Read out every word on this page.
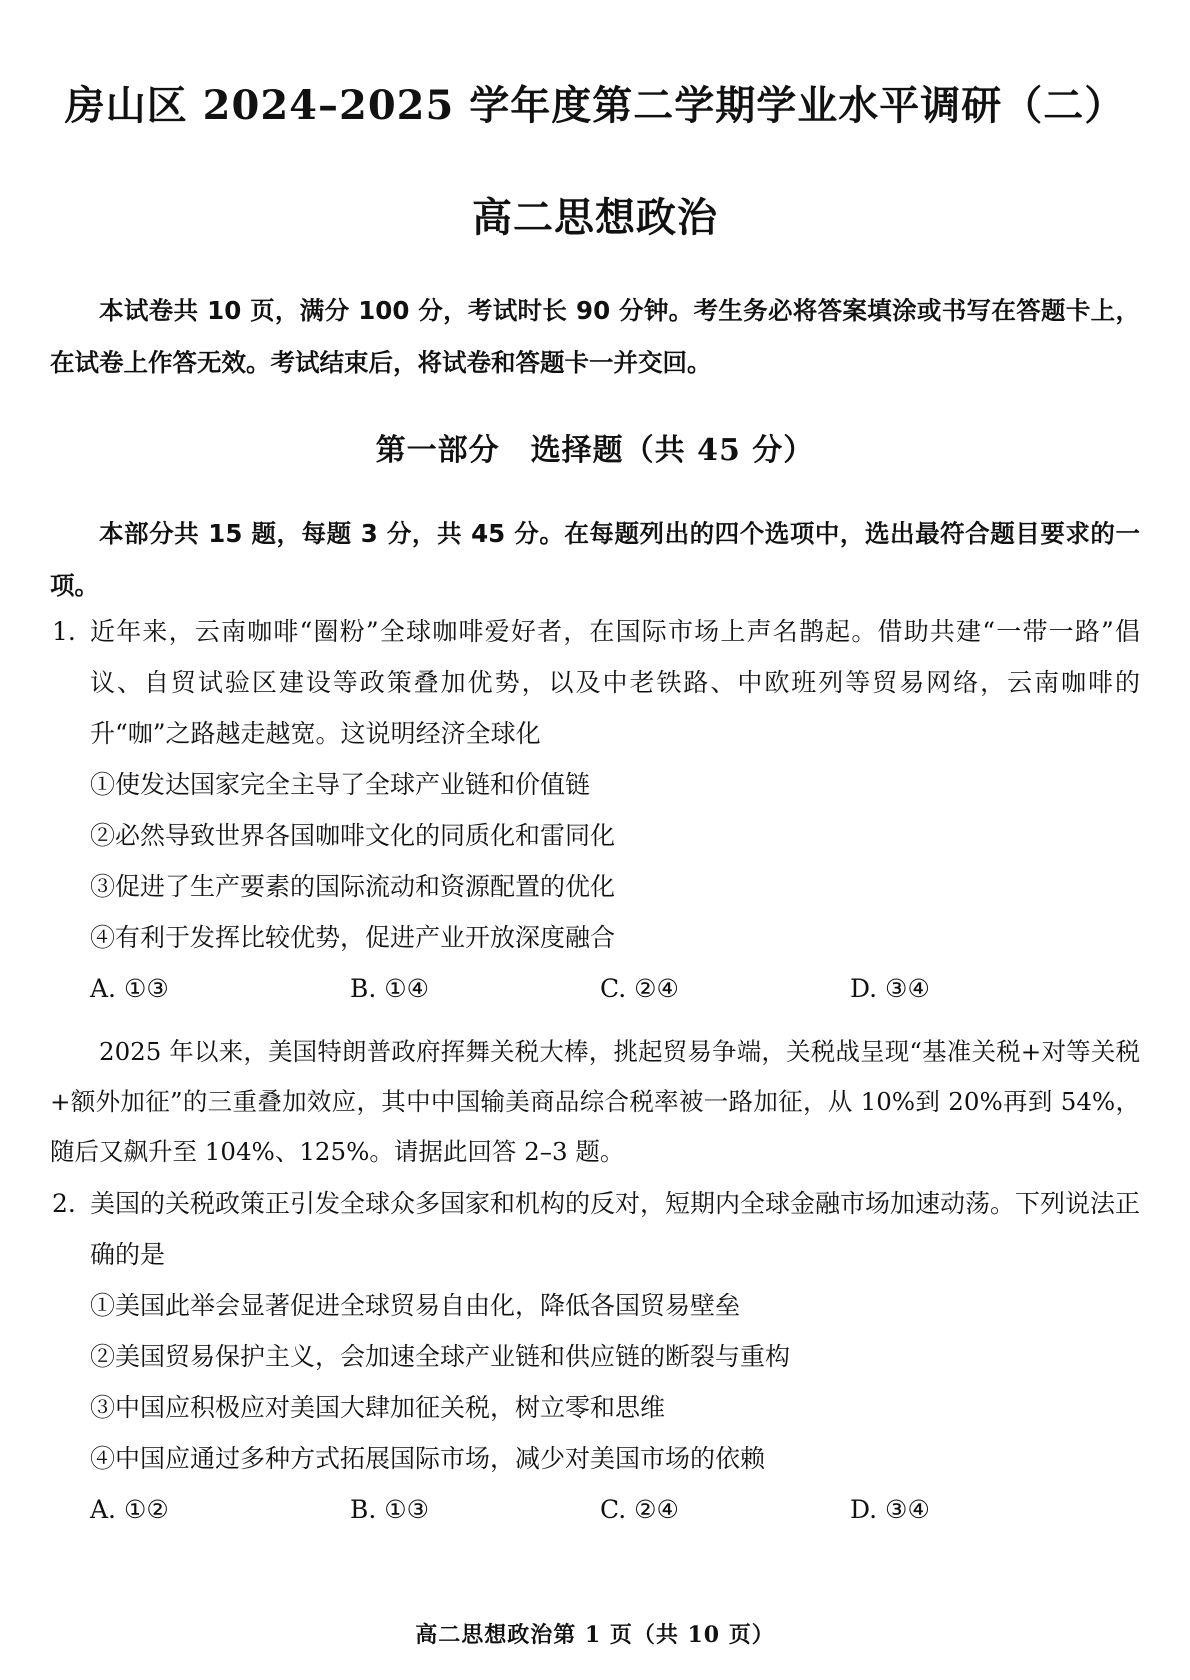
房山区 2024–2025 学年度第二学期学业水平调研（二）
高二思想政治
本试卷共 10 页，满分 100 分，考试时长 90 分钟。考生务必将答案填涂或书写在答题卡上，在试卷上作答无效。考试结束后，将试卷和答题卡一并交回。
第一部分　选择题（共 45 分）
本部分共 15 题，每题 3 分，共 45 分。在每题列出的四个选项中，选出最符合题目要求的一项。
1. 近年来，云南咖啡“圈粉”全球咖啡爱好者，在国际市场上声名鹊起。借助共建“一带一路”倡议、自贸试验区建设等政策叠加优势，以及中老铁路、中欧班列等贸易网络，云南咖啡的升“咖”之路越走越宽。这说明经济全球化
①使发达国家完全主导了全球产业链和价值链
②必然导致世界各国咖啡文化的同质化和雷同化
③促进了生产要素的国际流动和资源配置的优化
④有利于发挥比较优势，促进产业开放深度融合
A. ①③	B. ①④	C. ②④	D. ③④
2025 年以来，美国特朗普政府挥舞关税大棒，挑起贸易争端，关税战呈现“基准关税+对等关税+额外加征”的三重叠加效应，其中中国输美商品综合税率被一路加征，从 10%到 20%再到 54%，随后又飙升至 104%、125%。请据此回答 2–3 题。
2. 美国的关税政策正引发全球众多国家和机构的反对，短期内全球金融市场加速动荡。下列说法正确的是
①美国此举会显著促进全球贸易自由化，降低各国贸易壁垒
②美国贸易保护主义，会加速全球产业链和供应链的断裂与重构
③中国应积极应对美国大肆加征关税，树立零和思维
④中国应通过多种方式拓展国际市场，减少对美国市场的依赖
A. ①②	B. ①③	C. ②④	D. ③④
高二思想政治第 1 页（共 10 页）
